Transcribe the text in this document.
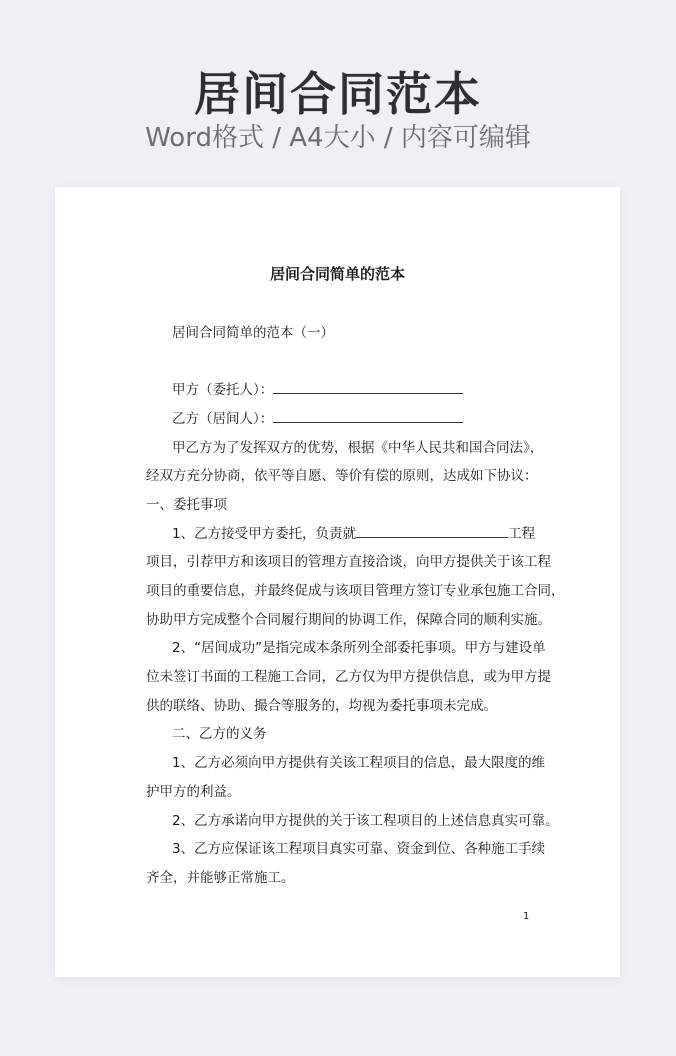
居间合同范本
Word格式 / A4大小 / 内容可编辑
居间合同简单的范本
居间合同简单的范本（一）
甲方（委托人）：
乙方（居间人）：
甲乙方为了发挥双方的优势，根据《中华人民共和国合同法》，
经双方充分协商，依平等自愿、等价有偿的原则，达成如下协议：
一、委托事项
1、乙方接受甲方委托，负责就	工程
项目，引荐甲方和该项目的管理方直接洽谈，向甲方提供关于该工程
项目的重要信息，并最终促成与该项目管理方签订专业承包施工合同，
协助甲方完成整个合同履行期间的协调工作，保障合同的顺利实施。
2、“居间成功”是指完成本条所列全部委托事项。甲方与建设单
位未签订书面的工程施工合同，乙方仅为甲方提供信息，或为甲方提
供的联络、协助、撮合等服务的，均视为委托事项未完成。
二、乙方的义务
1、乙方必须向甲方提供有关该工程项目的信息，最大限度的维
护甲方的利益。
2、乙方承诺向甲方提供的关于该工程项目的上述信息真实可靠。
3、乙方应保证该工程项目真实可靠、资金到位、各种施工手续
齐全，并能够正常施工。
1
